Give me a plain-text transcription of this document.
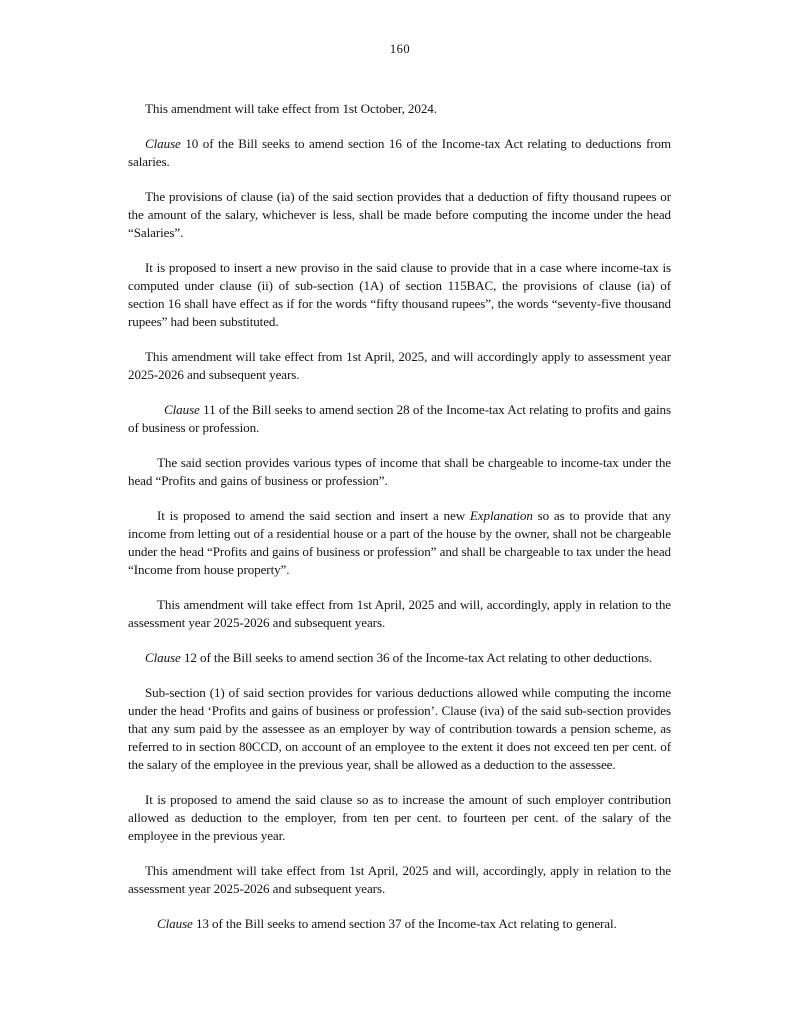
160

This amendment will take effect from 1st October, 2024.

Clause 10 of the Bill seeks to amend section 16 of the Income-tax Act relating to deductions from salaries.

The provisions of clause (ia) of the said section provides that a deduction of fifty thousand rupees or the amount of the salary, whichever is less, shall be made before computing the income under the head “Salaries”.

It is proposed to insert a new proviso in the said clause to provide that in a case where income-tax is computed under clause (ii) of sub-section (1A) of section 115BAC, the provisions of clause (ia) of section 16 shall have effect as if for the words “fifty thousand rupees”, the words “seventy-five thousand rupees” had been substituted.

This amendment will take effect from 1st April, 2025, and will accordingly apply to assessment year 2025-2026 and subsequent years.

Clause 11 of the Bill seeks to amend section 28 of the Income-tax Act relating to profits and gains of business or profession.

The said section provides various types of income that shall be chargeable to income-tax under the head “Profits and gains of business or profession”.

It is proposed to amend the said section and insert a new Explanation so as to provide that any income from letting out of a residential house or a part of the house by the owner, shall not be chargeable under the head “Profits and gains of business or profession” and shall be chargeable to tax under the head “Income from house property”.

This amendment will take effect from 1st April, 2025 and will, accordingly, apply in relation to the assessment year 2025-2026 and subsequent years.

Clause 12 of the Bill seeks to amend section 36 of the Income-tax Act relating to other deductions.

Sub-section (1) of said section provides for various deductions allowed while computing the income under the head ‘Profits and gains of business or profession’. Clause (iva) of the said sub-section provides that any sum paid by the assessee as an employer by way of contribution towards a pension scheme, as referred to in section 80CCD, on account of an employee to the extent it does not exceed ten per cent. of the salary of the employee in the previous year, shall be allowed as a deduction to the assessee.

It is proposed to amend the said clause so as to increase the amount of such employer contribution allowed as deduction to the employer, from ten per cent. to fourteen per cent. of the salary of the employee in the previous year.

This amendment will take effect from 1st April, 2025 and will, accordingly, apply in relation to the assessment year 2025-2026 and subsequent years.

Clause 13 of the Bill seeks to amend section 37 of the Income-tax Act relating to general.
